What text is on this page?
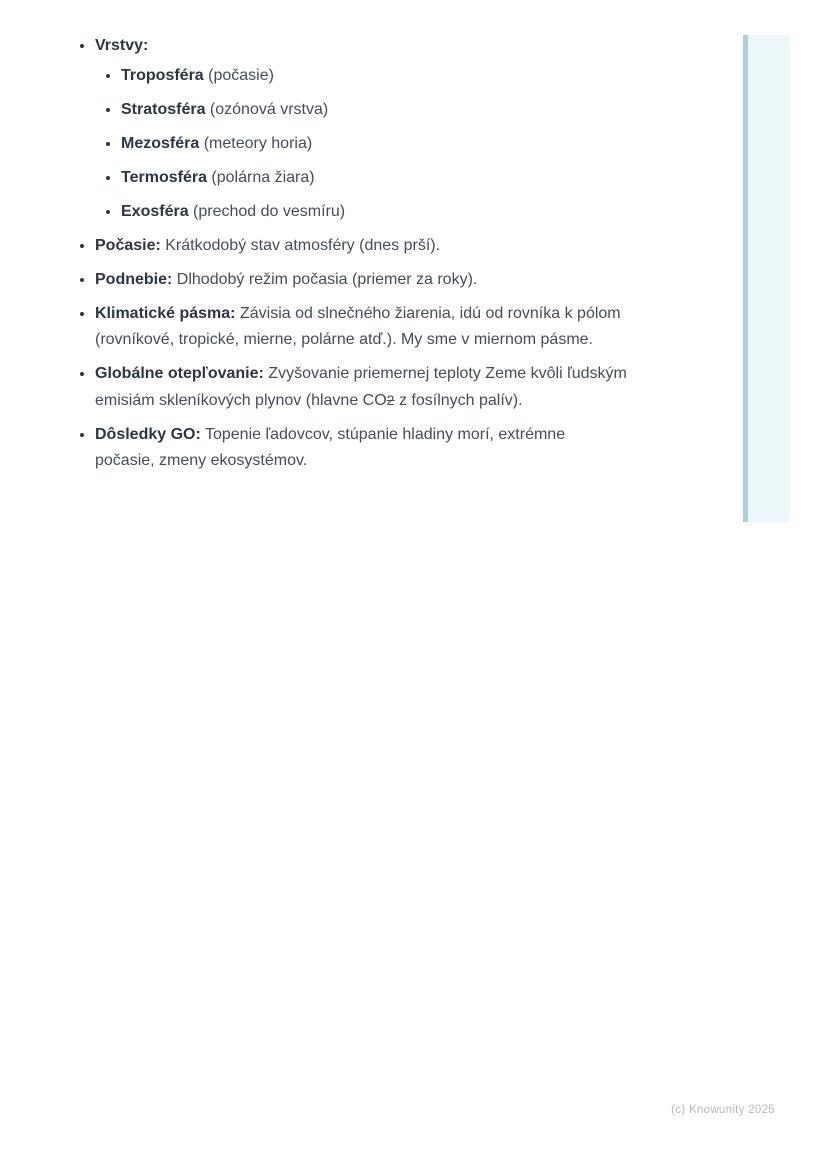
• Vrstvy:
• Troposféra (počasie)
• Stratosféra (ozónová vrstva)
• Mezosféra (meteory horia)
• Termosféra (polárna žiara)
• Exosféra (prechod do vesmíru)
• Počasie: Krátkodobý stav atmosféry (dnes prší).
• Podnebie: Dlhodobý režim počasia (priemer za roky).
• Klimatické pásma: Závisia od slnečného žiarenia, idú od rovníka k pólom (rovníkové, tropické, mierne, polárne atď.). My sme v miernom pásme.
• Globálne otepľovanie: Zvyšovanie priemernej teploty Zeme kvôli ľudským emisiám skleníkových plynov (hlavne CO2 z fosílnych palív).
• Dôsledky GO: Topenie ľadovcov, stúpanie hladiny morí, extrémne počasie, zmeny ekosystémov.
(c) Knowunity 2025
